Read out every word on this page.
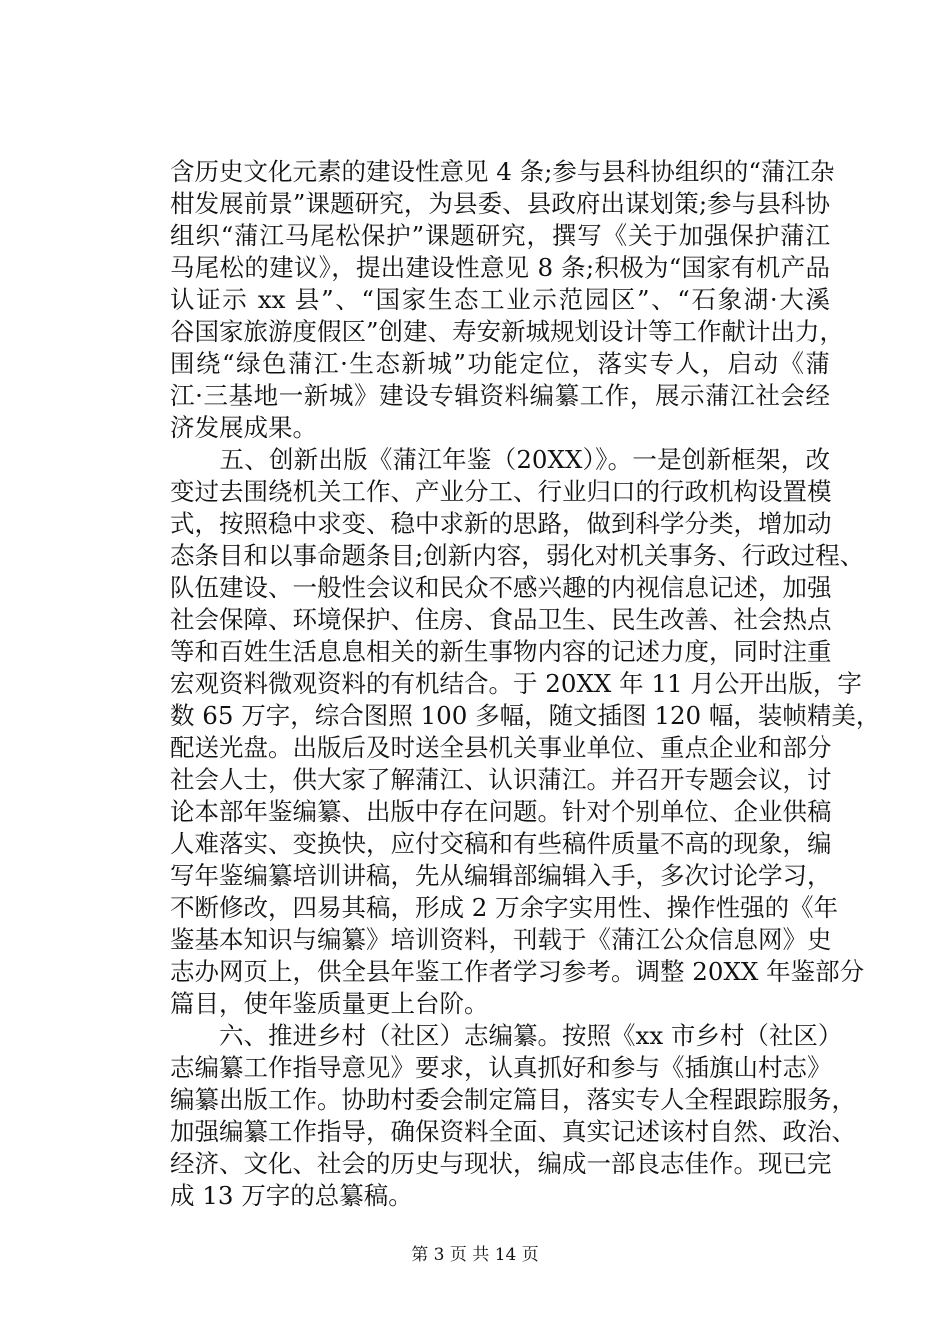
含历史文化元素的建设性意见 4 条;参与县科协组织的“蒲江杂
柑发展前景”课题研究，为县委、县政府出谋划策;参与县科协
组织“蒲江马尾松保护”课题研究，撰写《关于加强保护蒲江
马尾松的建议》，提出建设性意见 8 条;积极为“国家有机产品
认证示 xx 县”、“国家生态工业示范园区”、“石象湖·大溪
谷国家旅游度假区”创建、寿安新城规划设计等工作献计出力，
围绕“绿色蒲江·生态新城”功能定位，落实专人，启动《蒲
江·三基地一新城》建设专辑资料编纂工作，展示蒲江社会经
济发展成果。
　　五、创新出版《蒲江年鉴（20XX）》。一是创新框架，改
变过去围绕机关工作、产业分工、行业归口的行政机构设置模
式，按照稳中求变、稳中求新的思路，做到科学分类，增加动
态条目和以事命题条目;创新内容，弱化对机关事务、行政过程、
队伍建设、一般性会议和民众不感兴趣的内视信息记述，加强
社会保障、环境保护、住房、食品卫生、民生改善、社会热点
等和百姓生活息息相关的新生事物内容的记述力度，同时注重
宏观资料微观资料的有机结合。于 20XX 年 11 月公开出版，字
数 65 万字，综合图照 100 多幅，随文插图 120 幅，装帧精美，
配送光盘。出版后及时送全县机关事业单位、重点企业和部分
社会人士，供大家了解蒲江、认识蒲江。并召开专题会议，讨
论本部年鉴编纂、出版中存在问题。针对个别单位、企业供稿
人难落实、变换快，应付交稿和有些稿件质量不高的现象，编
写年鉴编纂培训讲稿，先从编辑部编辑入手，多次讨论学习，
不断修改，四易其稿，形成 2 万余字实用性、操作性强的《年
鉴基本知识与编纂》培训资料，刊载于《蒲江公众信息网》史
志办网页上，供全县年鉴工作者学习参考。调整 20XX 年鉴部分
篇目，使年鉴质量更上台阶。
　　六、推进乡村（社区）志编纂。按照《xx 市乡村（社区）
志编纂工作指导意见》要求，认真抓好和参与《插旗山村志》
编纂出版工作。协助村委会制定篇目，落实专人全程跟踪服务，
加强编纂工作指导，确保资料全面、真实记述该村自然、政治、
经济、文化、社会的历史与现状，编成一部良志佳作。现已完
成 13 万字的总纂稿。
第 3 页 共 14 页
